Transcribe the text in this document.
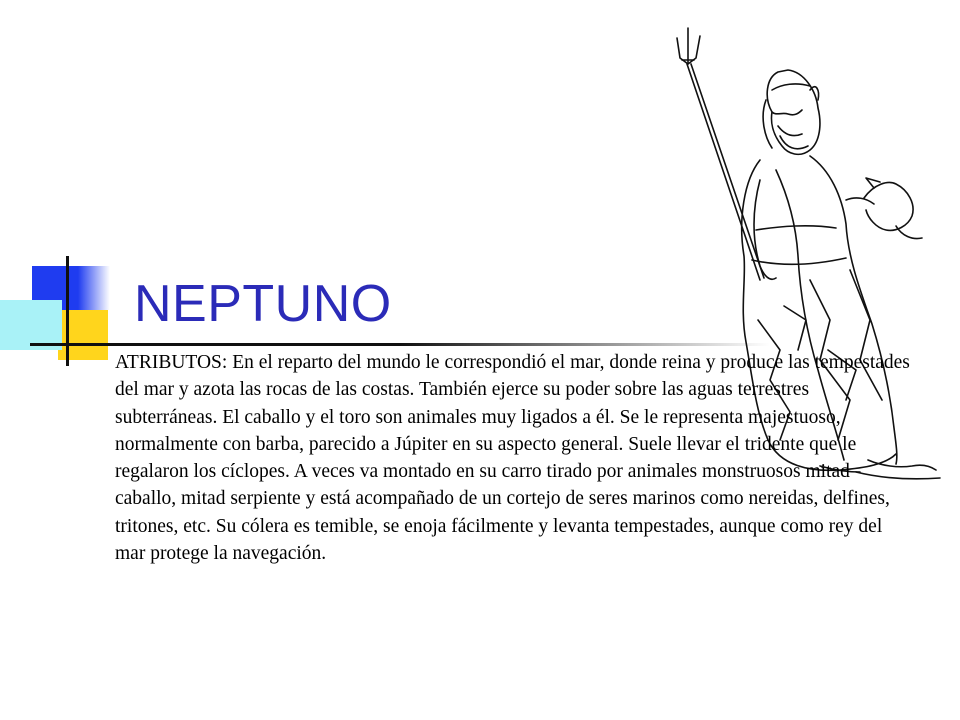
NEPTUNO
ATRIBUTOS: En el reparto del mundo le correspondió el mar, donde reina y produce las tempestades del mar y azota las rocas de las costas. También ejerce su poder sobre las aguas terrestres subterráneas. El caballo y el toro son animales muy ligados a él. Se le representa majestuoso, normalmente con barba, parecido a Júpiter en su aspecto general. Suele llevar el tridente que le regalaron los cíclopes. A veces va montado en su carro tirado por animales monstruosos mitad caballo, mitad serpiente y está acompañado de un cortejo de seres marinos como nereidas, delfines, tritones, etc. Su cólera es temible, se enoja fácilmente y levanta tempestades, aunque como rey del mar protege la navegación.
